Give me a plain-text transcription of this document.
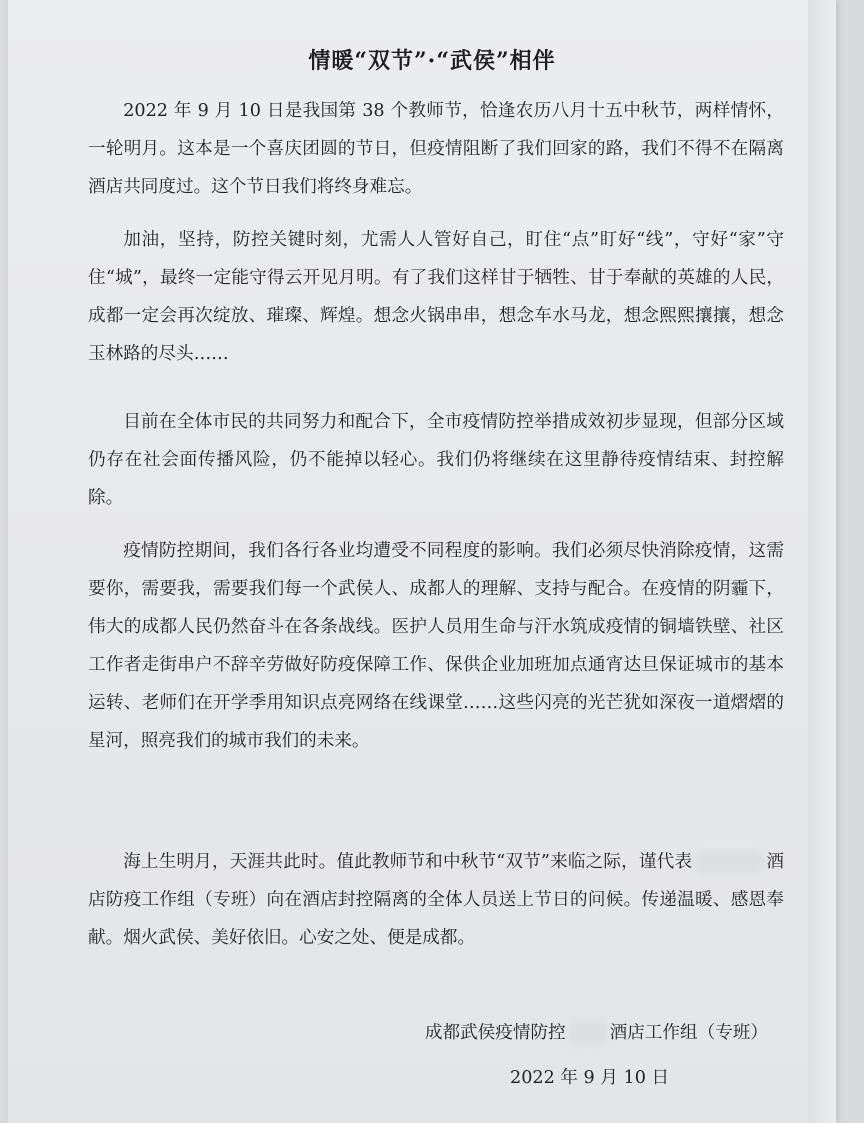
情暖“双节”·“武侯”相伴

2022 年 9 月 10 日是我国第 38 个教师节，恰逢农历八月十五中秋节，两样情怀，一轮明月。这本是一个喜庆团圆的节日，但疫情阻断了我们回家的路，我们不得不在隔离酒店共同度过。这个节日我们将终身难忘。

加油，坚持，防控关键时刻，尤需人人管好自己，盯住“点”盯好“线”，守好“家”守住“城”，最终一定能守得云开见月明。有了我们这样甘于牺牲、甘于奉献的英雄的人民，成都一定会再次绽放、璀璨、辉煌。想念火锅串串，想念车水马龙，想念熙熙攘攘，想念玉林路的尽头……

目前在全体市民的共同努力和配合下，全市疫情防控举措成效初步显现，但部分区域仍存在社会面传播风险，仍不能掉以轻心。我们仍将继续在这里静待疫情结束、封控解除。

疫情防控期间，我们各行各业均遭受不同程度的影响。我们必须尽快消除疫情，这需要你，需要我，需要我们每一个武侯人、成都人的理解、支持与配合。在疫情的阴霾下，伟大的成都人民仍然奋斗在各条战线。医护人员用生命与汗水筑成疫情的铜墙铁壁、社区工作者走街串户不辞辛劳做好防疫保障工作、保供企业加班加点通宵达旦保证城市的基本运转、老师们在开学季用知识点亮网络在线课堂……这些闪亮的光芒犹如深夜一道熠熠的星河，照亮我们的城市我们的未来。

海上生明月，天涯共此时。值此教师节和中秋节“双节”来临之际，谨代表	酒店防疫工作组（专班）向在酒店封控隔离的全体人员送上节日的问候。传递温暖、感恩奉献。烟火武侯、美好依旧。心安之处、便是成都。

成都武侯疫情防控	酒店工作组（专班）
2022 年 9 月 10 日
